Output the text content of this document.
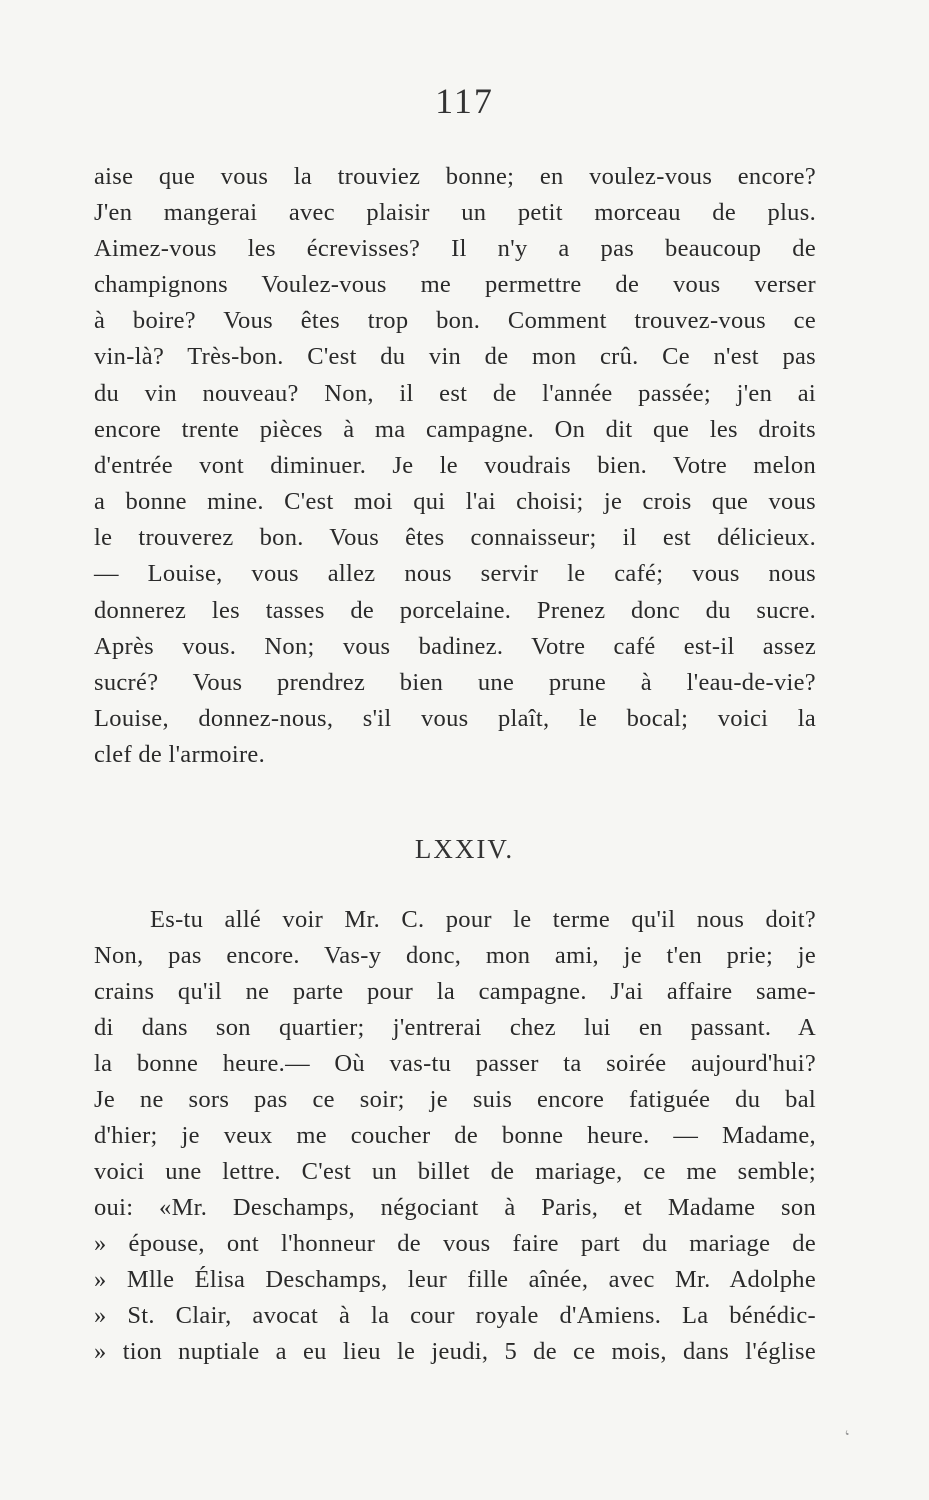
117
aise que vous la trouviez bonne; en voulez-vous encore?
J'en mangerai avec plaisir un petit morceau de plus.
Aimez-vous les écrevisses? Il n'y a pas beaucoup de
champignons Voulez-vous me permettre de vous verser
à boire? Vous êtes trop bon. Comment trouvez-vous ce
vin-là? Très-bon. C'est du vin de mon crû. Ce n'est pas
du vin nouveau? Non, il est de l'année passée; j'en ai
encore trente pièces à ma campagne. On dit que les droits
d'entrée vont diminuer. Je le voudrais bien. Votre melon
a bonne mine. C'est moi qui l'ai choisi; je crois que vous
le trouverez bon. Vous êtes connaisseur; il est délicieux.
— Louise, vous allez nous servir le café; vous nous
donnerez les tasses de porcelaine. Prenez donc du sucre.
Après vous. Non; vous badinez. Votre café est-il assez
sucré? Vous prendrez bien une prune à l'eau-de-vie?
Louise, donnez-nous, s'il vous plaît, le bocal; voici la
clef de l'armoire.
LXXIV.
Es-tu allé voir Mr. C. pour le terme qu'il nous doit?
Non, pas encore. Vas-y donc, mon ami, je t'en prie; je
crains qu'il ne parte pour la campagne. J'ai affaire same-
di dans son quartier; j'entrerai chez lui en passant. A
la bonne heure.— Où vas-tu passer ta soirée aujourd'hui?
Je ne sors pas ce soir; je suis encore fatiguée du bal
d'hier; je veux me coucher de bonne heure. — Madame,
voici une lettre. C'est un billet de mariage, ce me semble;
oui: «Mr. Deschamps, négociant à Paris, et Madame son
» épouse, ont l'honneur de vous faire part du mariage de
» Mlle Élisa Deschamps, leur fille aînée, avec Mr. Adolphe
» St. Clair, avocat à la cour royale d'Amiens. La bénédic-
» tion nuptiale a eu lieu le jeudi, 5 de ce mois, dans l'église
‘
